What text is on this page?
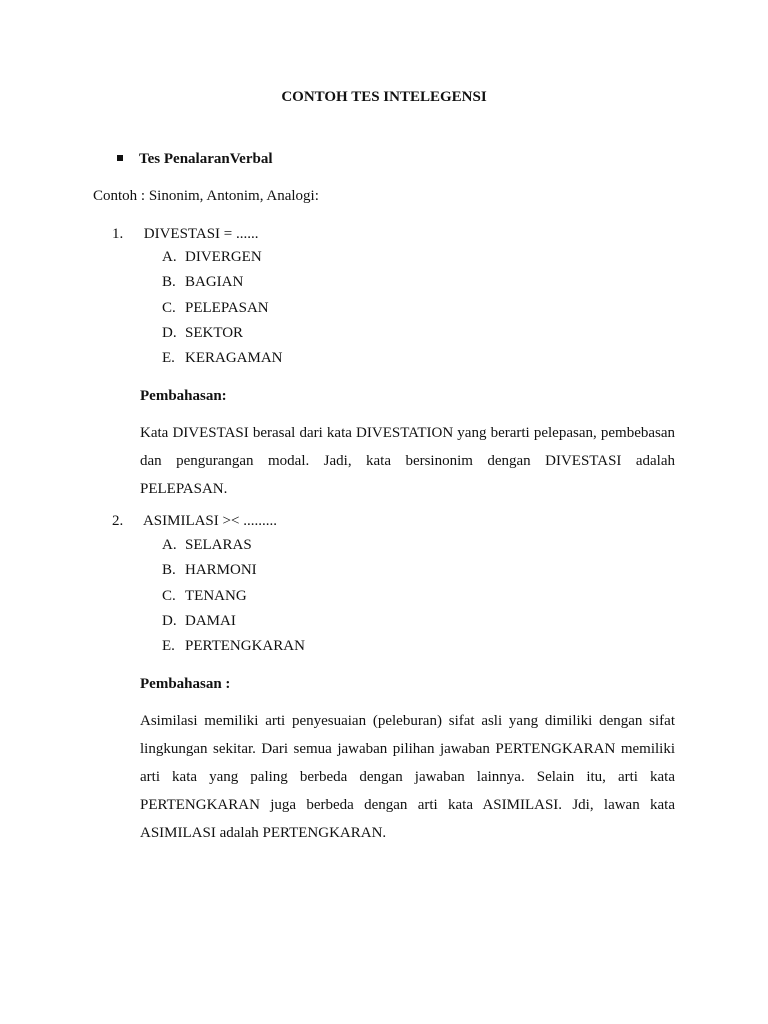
CONTOH TES INTELEGENSI
Tes PenalaranVerbal
Contoh : Sinonim, Antonim, Analogi:
1. DIVESTASI = ......
A. DIVERGEN
B. BAGIAN
C. PELEPASAN
D. SEKTOR
E. KERAGAMAN
Pembahasan:

Kata DIVESTASI berasal dari kata DIVESTATION yang berarti pelepasan, pembebasan dan pengurangan modal. Jadi, kata bersinonim dengan DIVESTASI adalah PELEPASAN.

2. ASIMILASI >< .........
A. SELARAS
B. HARMONI
C. TENANG
D. DAMAI
E. PERTENGKARAN
Pembahasan :

Asimilasi memiliki arti penyesuaian (peleburan) sifat asli yang dimiliki dengan sifat lingkungan sekitar. Dari semua jawaban pilihan jawaban PERTENGKARAN memiliki arti kata yang paling berbeda dengan jawaban lainnya. Selain itu, arti kata PERTENGKARAN juga berbeda dengan arti kata ASIMILASI. Jdi, lawan kata ASIMILASI adalah PERTENGKARAN.
